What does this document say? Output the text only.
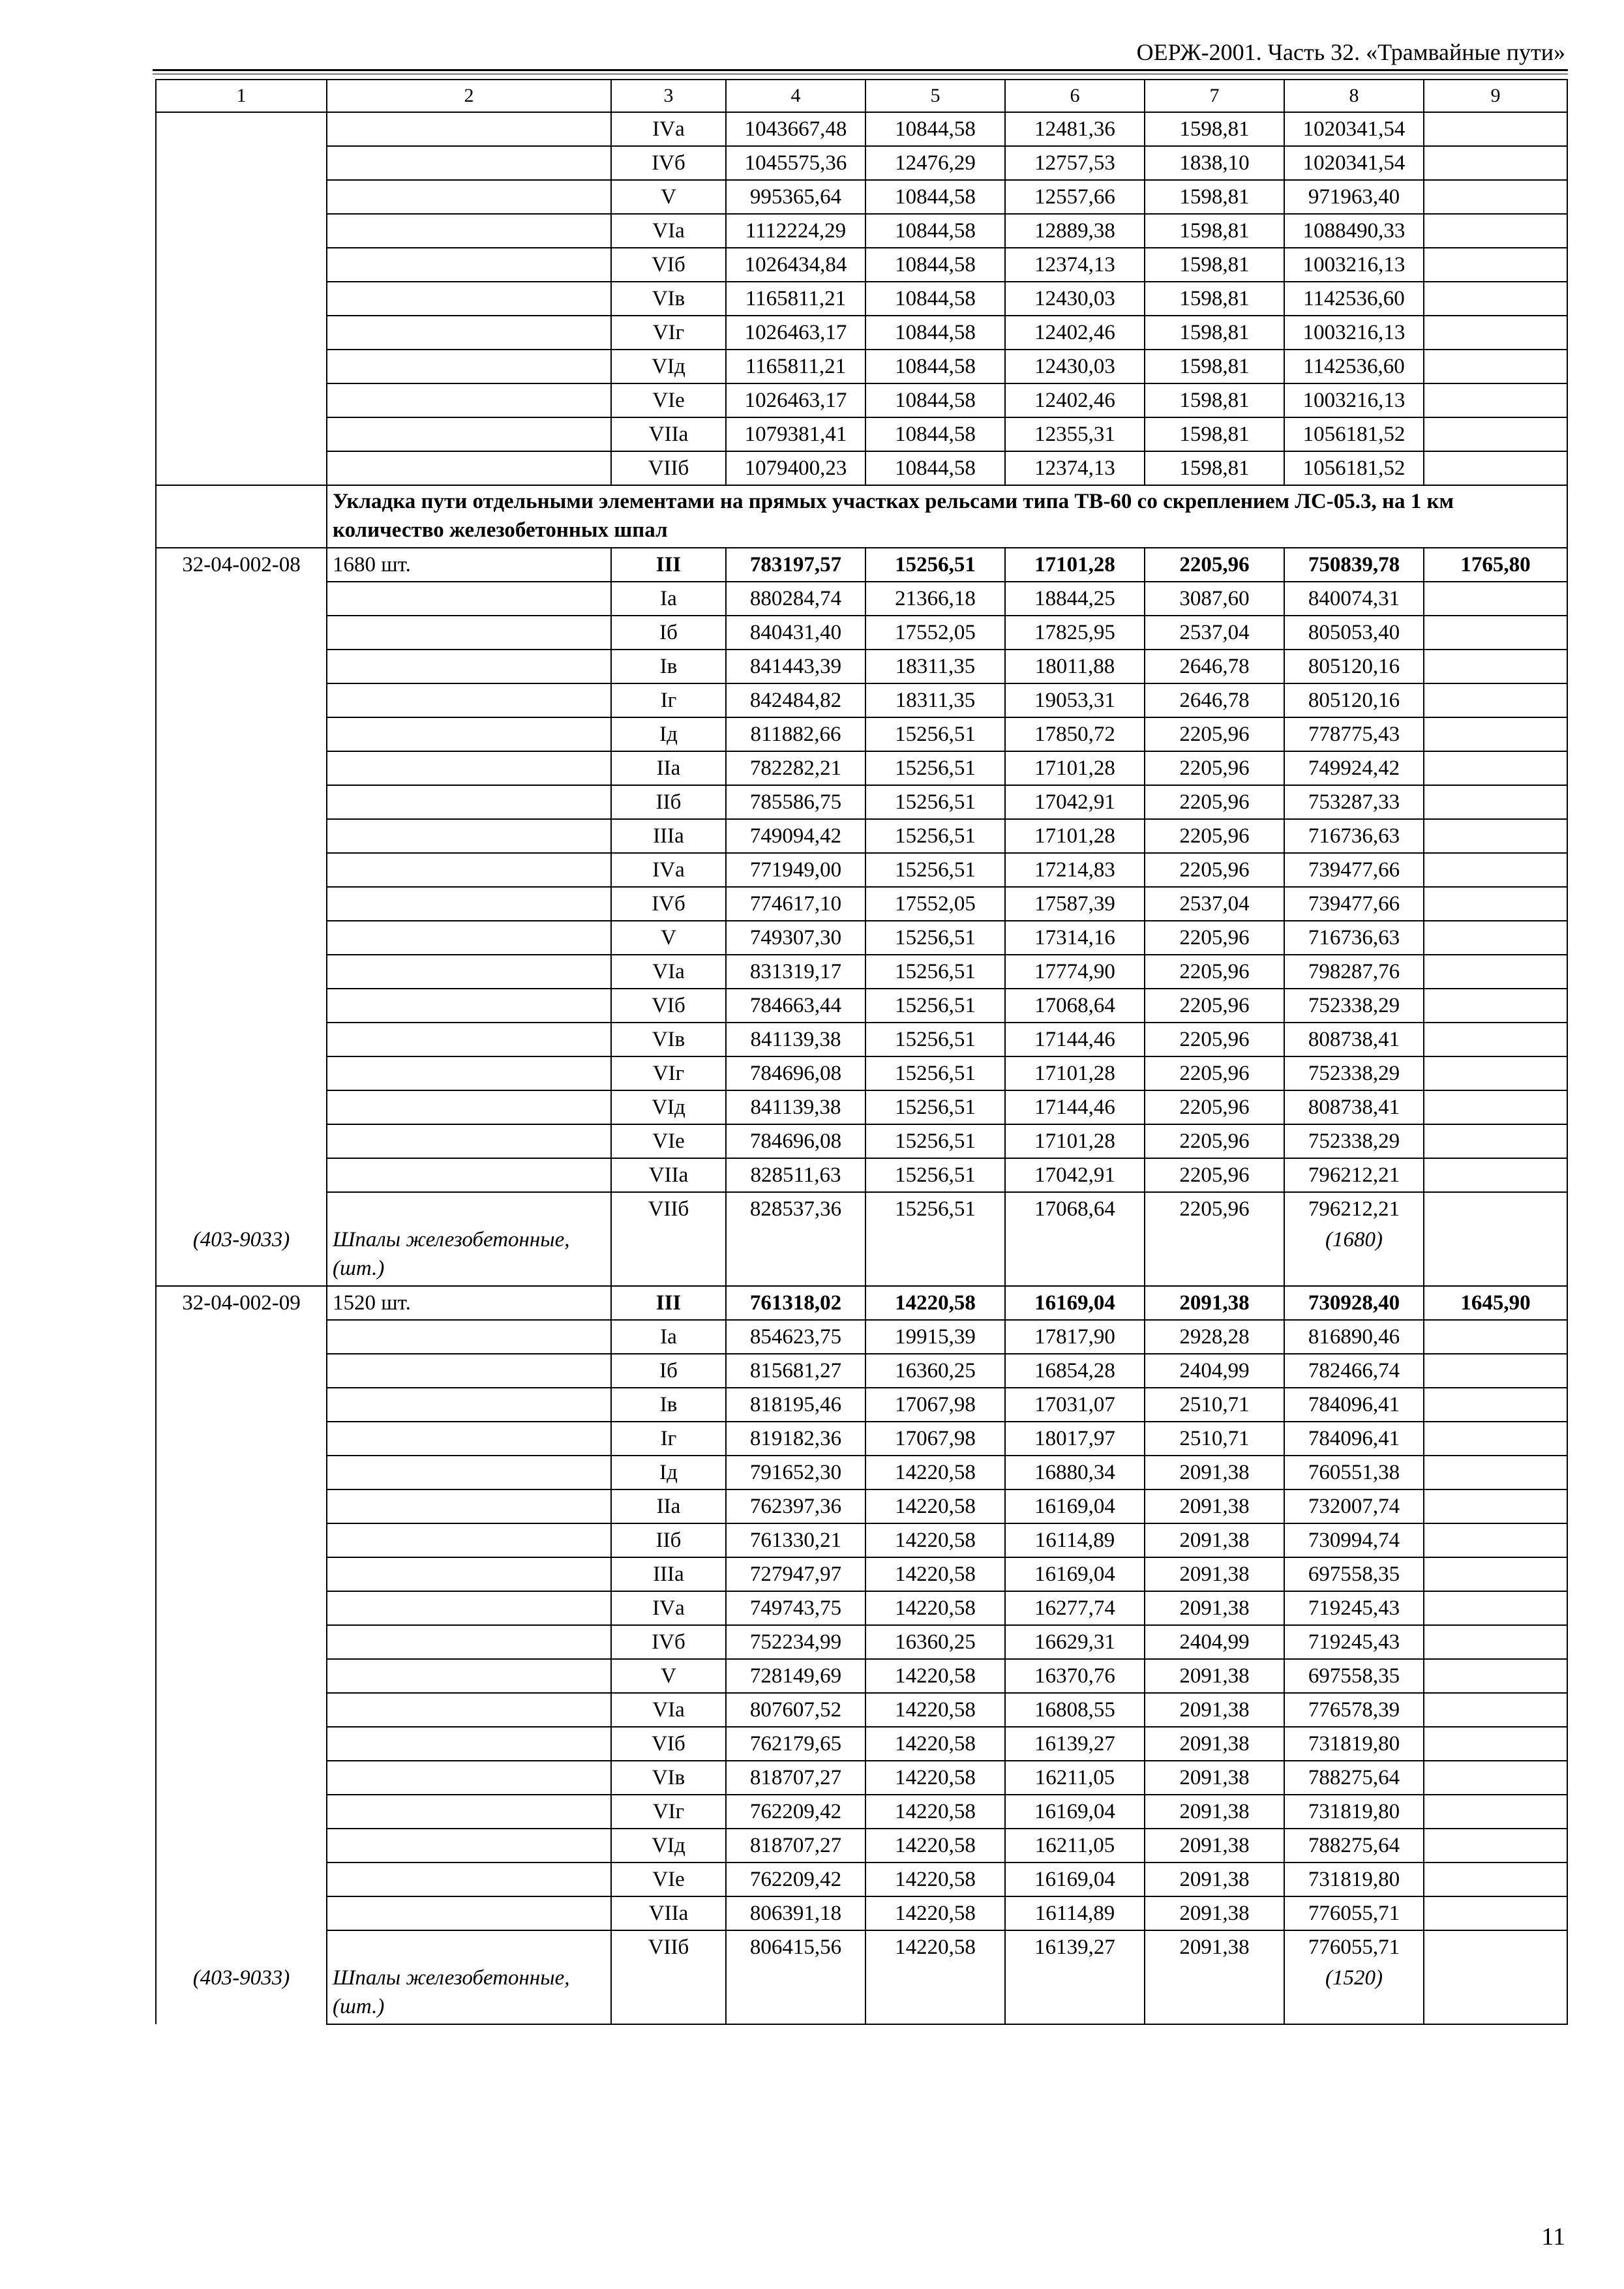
ОЕРЖ-2001. Часть 32. «Трамвайные пути»
1	2	3	4	5	6	7	8	9
		IVа	1043667,48	10844,58	12481,36	1598,81	1020341,54	
		IVб	1045575,36	12476,29	12757,53	1838,10	1020341,54	
		V	995365,64	10844,58	12557,66	1598,81	971963,40	
		VIа	1112224,29	10844,58	12889,38	1598,81	1088490,33	
		VIб	1026434,84	10844,58	12374,13	1598,81	1003216,13	
		VIв	1165811,21	10844,58	12430,03	1598,81	1142536,60	
		VIг	1026463,17	10844,58	12402,46	1598,81	1003216,13	
		VIд	1165811,21	10844,58	12430,03	1598,81	1142536,60	
		VIе	1026463,17	10844,58	12402,46	1598,81	1003216,13	
		VIIа	1079381,41	10844,58	12355,31	1598,81	1056181,52	
		VIIб	1079400,23	10844,58	12374,13	1598,81	1056181,52	
	Укладка пути отдельными элементами на прямых участках рельсами типа ТВ-60 со скреплением ЛС-05.3, на 1 км количество железобетонных шпал							
32-04-002-08	1680 шт.	III	783197,57	15256,51	17101,28	2205,96	750839,78	1765,80
		Iа	880284,74	21366,18	18844,25	3087,60	840074,31	
		Iб	840431,40	17552,05	17825,95	2537,04	805053,40	
		Iв	841443,39	18311,35	18011,88	2646,78	805120,16	
		Iг	842484,82	18311,35	19053,31	2646,78	805120,16	
		Iд	811882,66	15256,51	17850,72	2205,96	778775,43	
		IIа	782282,21	15256,51	17101,28	2205,96	749924,42	
		IIб	785586,75	15256,51	17042,91	2205,96	753287,33	
		IIIа	749094,42	15256,51	17101,28	2205,96	716736,63	
		IVа	771949,00	15256,51	17214,83	2205,96	739477,66	
		IVб	774617,10	17552,05	17587,39	2537,04	739477,66	
		V	749307,30	15256,51	17314,16	2205,96	716736,63	
		VIа	831319,17	15256,51	17774,90	2205,96	798287,76	
		VIб	784663,44	15256,51	17068,64	2205,96	752338,29	
		VIв	841139,38	15256,51	17144,46	2205,96	808738,41	
		VIг	784696,08	15256,51	17101,28	2205,96	752338,29	
		VIд	841139,38	15256,51	17144,46	2205,96	808738,41	
		VIе	784696,08	15256,51	17101,28	2205,96	752338,29	
		VIIа	828511,63	15256,51	17042,91	2205,96	796212,21	
		VIIб	828537,36	15256,51	17068,64	2205,96	796212,21	
(403-9033)	Шпалы железобетонные, (шт.)						(1680)	
32-04-002-09	1520 шт.	III	761318,02	14220,58	16169,04	2091,38	730928,40	1645,90
		Iа	854623,75	19915,39	17817,90	2928,28	816890,46	
		Iб	815681,27	16360,25	16854,28	2404,99	782466,74	
		Iв	818195,46	17067,98	17031,07	2510,71	784096,41	
		Iг	819182,36	17067,98	18017,97	2510,71	784096,41	
		Iд	791652,30	14220,58	16880,34	2091,38	760551,38	
		IIа	762397,36	14220,58	16169,04	2091,38	732007,74	
		IIб	761330,21	14220,58	16114,89	2091,38	730994,74	
		IIIа	727947,97	14220,58	16169,04	2091,38	697558,35	
		IVа	749743,75	14220,58	16277,74	2091,38	719245,43	
		IVб	752234,99	16360,25	16629,31	2404,99	719245,43	
		V	728149,69	14220,58	16370,76	2091,38	697558,35	
		VIа	807607,52	14220,58	16808,55	2091,38	776578,39	
		VIб	762179,65	14220,58	16139,27	2091,38	731819,80	
		VIв	818707,27	14220,58	16211,05	2091,38	788275,64	
		VIг	762209,42	14220,58	16169,04	2091,38	731819,80	
		VIд	818707,27	14220,58	16211,05	2091,38	788275,64	
		VIе	762209,42	14220,58	16169,04	2091,38	731819,80	
		VIIа	806391,18	14220,58	16114,89	2091,38	776055,71	
		VIIб	806415,56	14220,58	16139,27	2091,38	776055,71	
(403-9033)	Шпалы железобетонные, (шт.)						(1520)	
11
